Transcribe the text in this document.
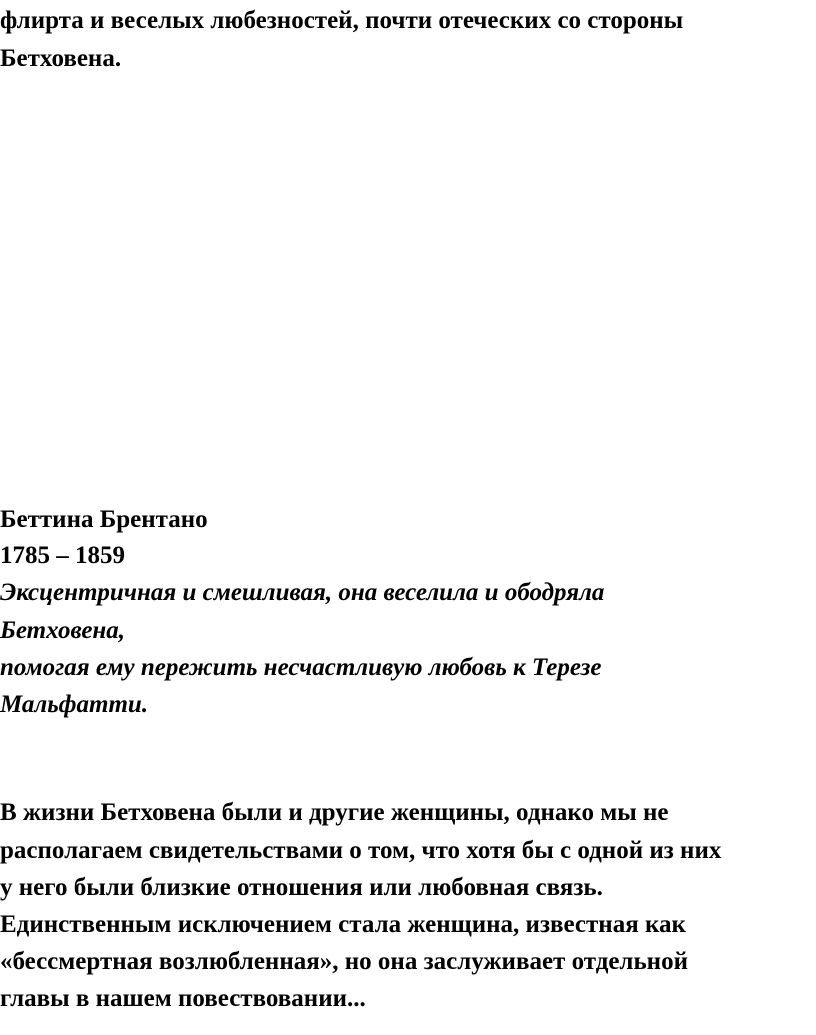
флирта и веселых любезностей, почти отеческих со стороны
Бетховена.
Беттина Брентано
1785 – 1859
Эксцентричная и смешливая, она веселила и ободряла
Бетховена,
помогая ему пережить несчастливую любовь к Терезе
Мальфатти.
В жизни Бетховена были и другие женщины, однако мы не
располагаем свидетельствами о том, что хотя бы с одной из них
у него были близкие отношения или любовная связь.
Единственным исключением стала женщина, известная как
«бессмертная возлюбленная», но она заслуживает отдельной
главы в нашем повествовании...
